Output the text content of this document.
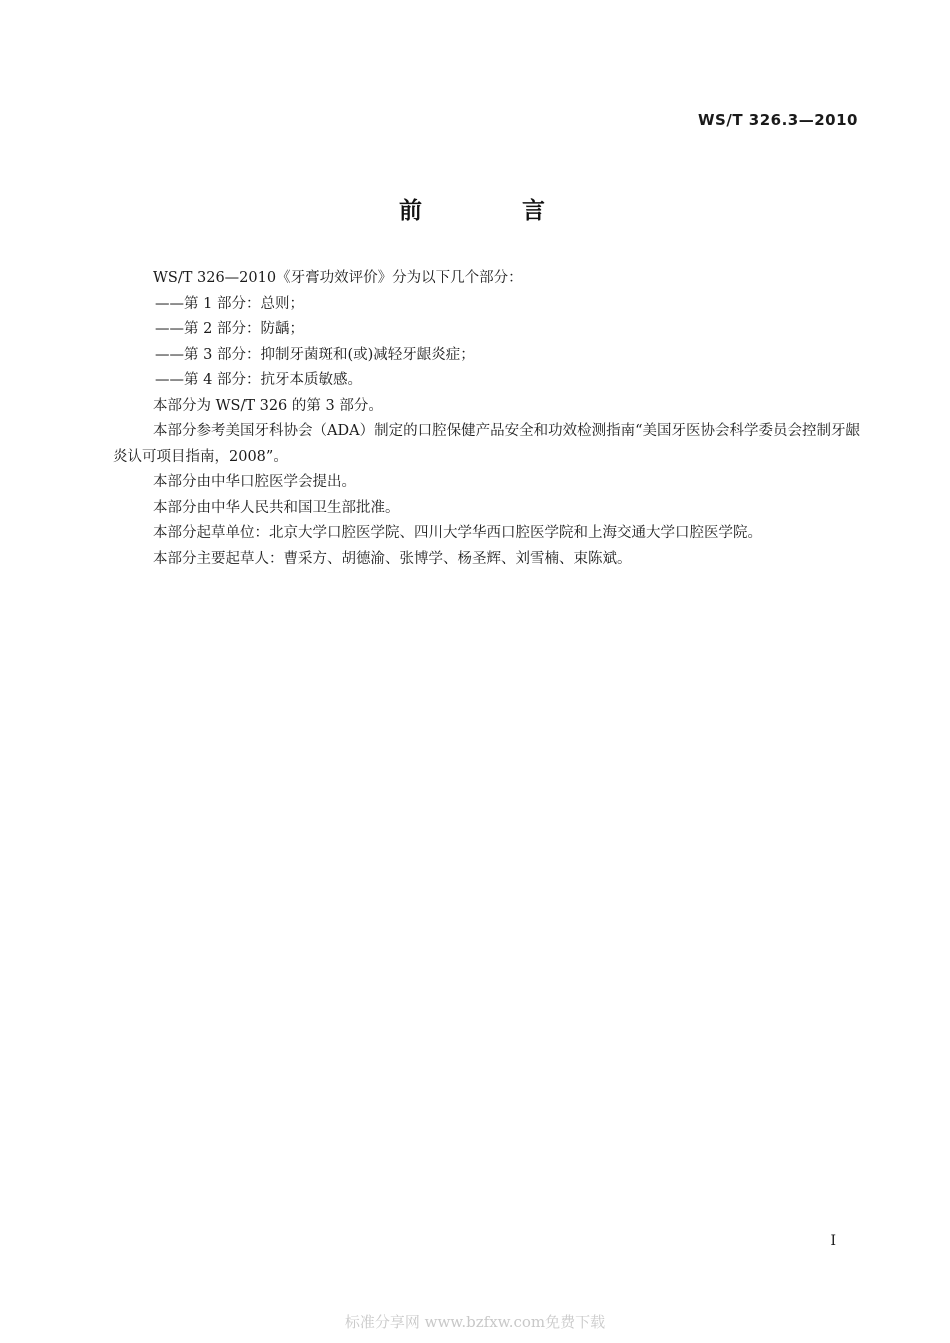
WS/T 326.3—2010
前 言

WS/T 326—2010《牙膏功效评价》分为以下几个部分：

——第 1 部分：总则；

——第 2 部分：防龋；

——第 3 部分：抑制牙菌斑和(或)减轻牙龈炎症；

——第 4 部分：抗牙本质敏感。

本部分为 WS/T 326 的第 3 部分。

本部分参考美国牙科协会（ADA）制定的口腔保健产品安全和功效检测指南“美国牙医协会科学委员会控制牙龈炎认可项目指南，2008”。

本部分由中华口腔医学会提出。

本部分由中华人民共和国卫生部批准。

本部分起草单位：北京大学口腔医学院、四川大学华西口腔医学院和上海交通大学口腔医学院。

本部分主要起草人：曹采方、胡德渝、张博学、杨圣辉、刘雪楠、束陈斌。

I
标准分享网 www.bzfxw.com免费下载
